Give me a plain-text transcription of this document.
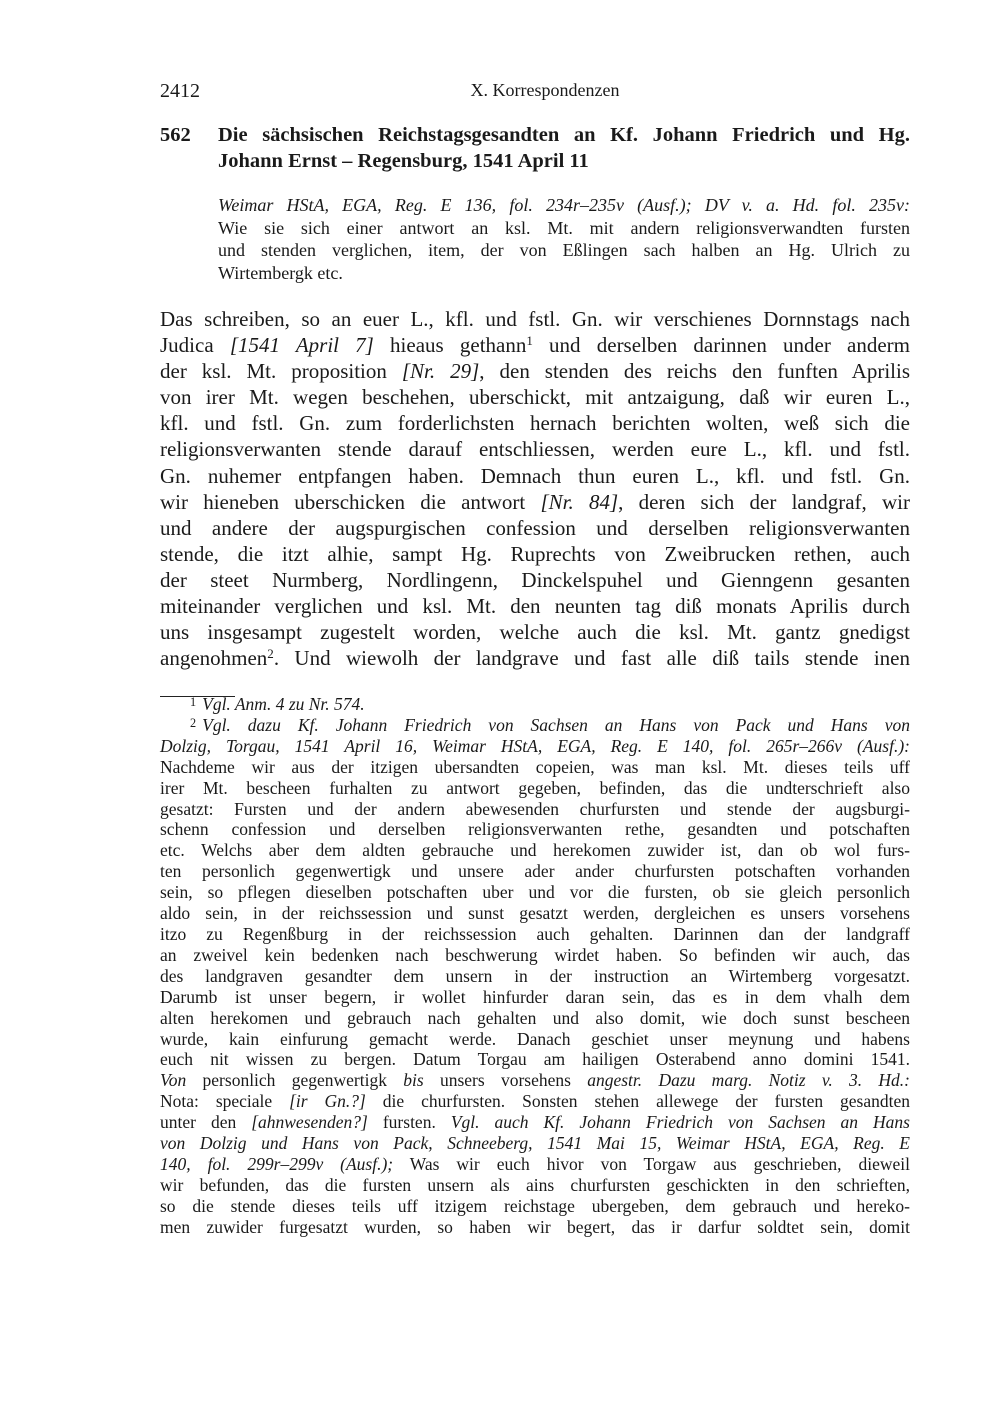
2412	X. Korrespondenzen
562 Die sächsischen Reichstagsgesandten an Kf. Johann Friedrich und Hg.
Johann Ernst – Regensburg, 1541 April 11
Weimar HStA, EGA, Reg. E 136, fol. 234r–235v (Ausf.); DV v. a. Hd. fol. 235v:
Wie sie sich einer antwort an ksl. Mt. mit andern religionsverwandten fursten
und stenden verglichen, item, der von Eßlingen sach halben an Hg. Ulrich zu
Wirtembergk etc.
Das schreiben, so an euer L., kfl. und fstl. Gn. wir verschienes Dornnstags nach
Judica [1541 April 7] hieaus gethann$^1$ und derselben darinnen under anderm
der ksl. Mt. proposition [Nr. 29], den stenden des reichs den funften Aprilis
von irer Mt. wegen beschehen, uberschickt, mit antzaigung, daß wir euren L.,
kfl. und fstl. Gn. zum forderlichsten hernach berichten wolten, weß sich die
religionsverwanten stende darauf entschliessen, werden eure L., kfl. und fstl.
Gn. nuhemer entpfangen haben. Demnach thun euren L., kfl. und fstl. Gn.
wir hieneben uberschicken die antwort [Nr. 84], deren sich der landgraf, wir
und andere der augspurgischen confession und derselben religionsverwanten
stende, die itzt alhie, sampt Hg. Ruprechts von Zweibrucken rethen, auch
der steet Nurmberg, Nordlingenn, Dinckelspuhel und Gienngenn gesanten
miteinander verglichen und ksl. Mt. den neunten tag diß monats Aprilis durch
uns insgesampt zugestelt worden, welche auch die ksl. Mt. gantz gnedigst
angenohmen$^2$. Und wiewolh der landgrave und fast alle diß tails stende inen
$^1$ Vgl. Anm. 4 zu Nr. 574.
$^2$ Vgl. dazu Kf. Johann Friedrich von Sachsen an Hans von Pack und Hans von
Dolzig, Torgau, 1541 April 16, Weimar HStA, EGA, Reg. E 140, fol. 265r–266v (Ausf.):
Nachdeme wir aus der itzigen ubersandten copeien, was man ksl. Mt. dieses teils uff
irer Mt. bescheen furhalten zu antwort gegeben, befinden, das die undterschrieft also
gesatzt: Fursten und der andern abewesenden churfursten und stende der augsburgi-
schenn confession und derselben religionsverwanten rethe, gesandten und potschaften
etc. Welchs aber dem aldten gebrauche und herekomen zuwider ist, dan ob wol furs-
ten personlich gegenwertigk und unsere ader ander churfursten potschaften vorhanden
sein, so pflegen dieselben potschaften uber und vor die fursten, ob sie gleich personlich
aldo sein, in der reichssession und sunst gesatzt werden, dergleichen es unsers vorsehens
itzo zu Regenßburg in der reichssession auch gehalten. Darinnen dan der landgraff
an zweivel kein bedenken nach beschwerung wirdet haben. So befinden wir auch, das
des landgraven gesandter dem unsern in der instruction an Wirtemberg vorgesatzt.
Darumb ist unser begern, ir wollet hinfurder daran sein, das es in dem vhalh dem
alten herekomen und gebrauch nach gehalten und also domit, wie doch sunst bescheen
wurde, kain einfurung gemacht werde. Danach geschiet unser meynung und habens
euch nit wissen zu bergen. Datum Torgau am hailigen Osterabend anno domini 1541.
Von personlich gegenwertigk bis unsers vorsehens angestr. Dazu marg. Notiz v. 3. Hd.:
Nota: speciale [ir Gn.?] die churfursten. Sonsten stehen allewege der fursten gesandten
unter den [ahnwesenden?] fursten. Vgl. auch Kf. Johann Friedrich von Sachsen an Hans
von Dolzig und Hans von Pack, Schneeberg, 1541 Mai 15, Weimar HStA, EGA, Reg. E
140, fol. 299r–299v (Ausf.); Was wir euch hivor von Torgaw aus geschrieben, dieweil
wir befunden, das die fursten unsern als ains churfursten geschickten in den schrieften,
so die stende dieses teils uff itzigem reichstage ubergeben, dem gebrauch und hereko-
men zuwider furgesatzt wurden, so haben wir begert, das ir darfur soldtet sein, domit
